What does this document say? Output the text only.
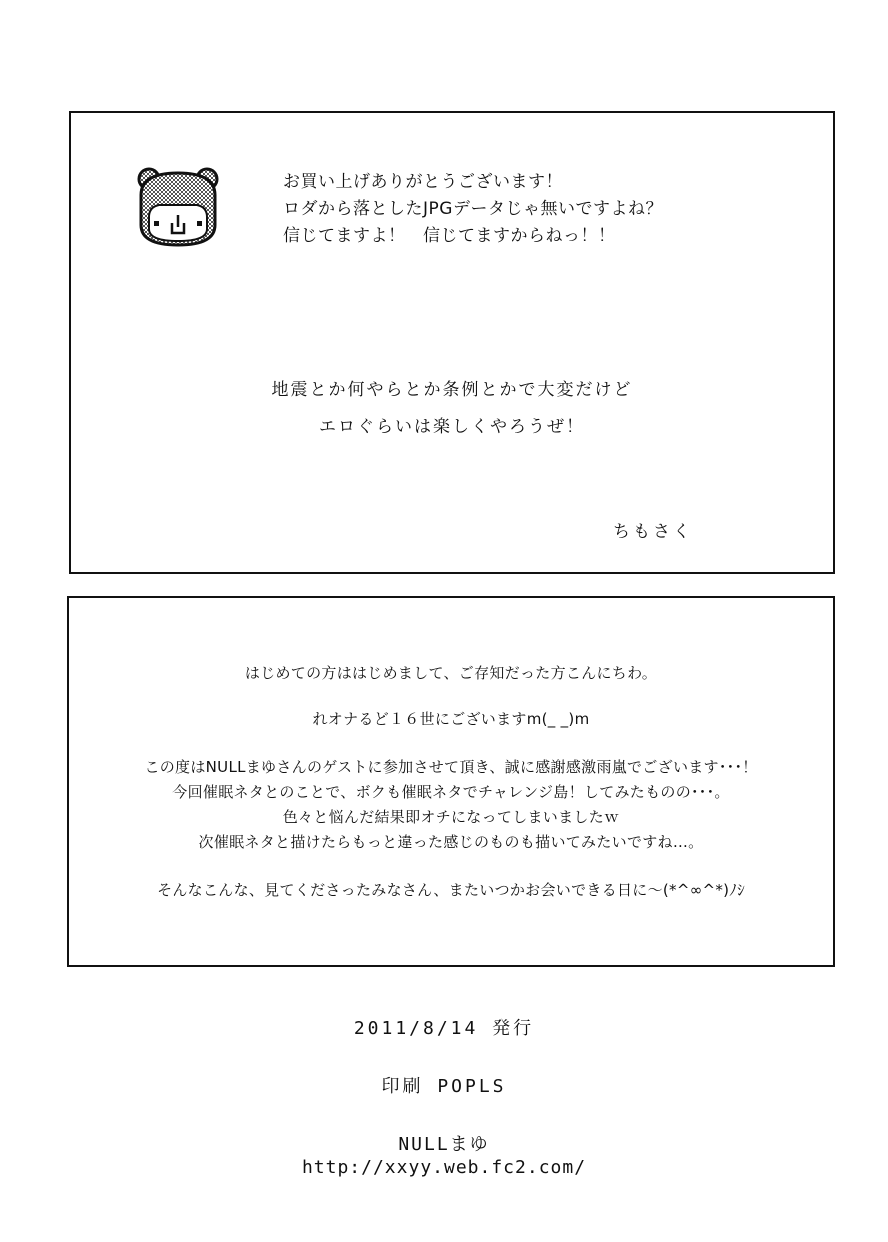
お買い上げありがとうございます！
ロダから落としたJPGデータじゃ無いですよね？
信じてますよ！　信じてますからねっ！！
地震とか何やらとか条例とかで大変だけど
エロぐらいは楽しくやろうぜ！
ちもさく
はじめての方ははじめまして、ご存知だった方こんにちわ。
れオナるど１６世にございますm(_ _)m
この度はNULLまゆさんのゲストに参加させて頂き、誠に感謝感激雨嵐でございます･･･！
今回催眠ネタとのことで、ボクも催眠ネタでチャレンジ島！してみたものの･･･。
色々と悩んだ結果即オチになってしまいましたｗ
次催眠ネタと描けたらもっと違った感じのものも描いてみたいですね…。
そんなこんな、見てくださったみなさん、またいつかお会いできる日に～(*^∞^*)ﾉｼ
2011/8/14 発行
印刷 POPLS
NULLまゆ
http://xxyy.web.fc2.com/
